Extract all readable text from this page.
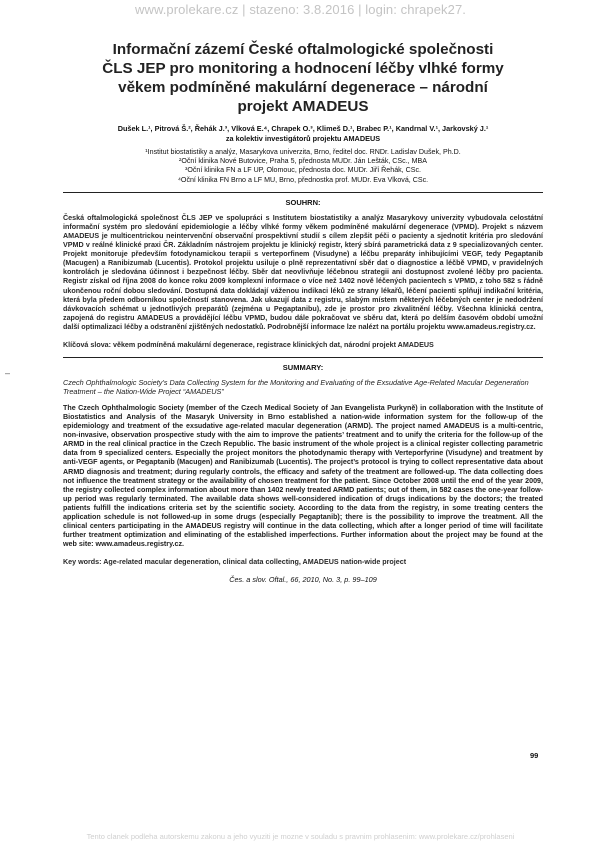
www.prolekare.cz | stazeno: 3.8.2016 | login: chrapek27.
Informační zázemí České oftalmologické společnosti
ČLS JEP pro monitoring a hodnocení léčby vlhké formy
věkem podmíněné makulární degenerace – národní
projekt AMADEUS
Dušek L.¹, Pitrová Š.², Řehák J.³, Vlková E.⁴, Chrapek O.³, Klimeš D.¹, Brabec P.¹, Kandrnal V.¹, Jarkovský J.¹
za kolektiv investigátorů projektu AMADEUS
¹Institut biostatistiky a analýz, Masarykova univerzita, Brno, ředitel doc. RNDr. Ladislav Dušek, Ph.D.
²Oční klinika Nové Butovice, Praha 5, přednosta MUDr. Ján Lešták, CSc., MBA
³Oční klinika FN a LF UP, Olomouc, přednosta doc. MUDr. Jiří Řehák, CSc.
⁴Oční klinika FN Brno a LF MU, Brno, přednostka prof. MUDr. Eva Vlková, CSc.
SOUHRN:
Česká oftalmologická společnost ČLS JEP ve spolupráci s Institutem biostatistiky a analýz Masarykovy univerzity vybudovala celostátní informační systém pro sledování epidemiologie a léčby vlhké formy věkem podmíněné makulární degenerace (VPMD). Projekt s názvem AMADEUS je multicentrickou neintervenční observační prospektivní studií s cílem zlepšit péči o pacienty a sjednotit kritéria pro sledování VPMD v reálné klinické praxi ČR. Základním nástrojem projektu je klinický registr, který sbírá parametrická data z 9 specializovaných center. Projekt monitoruje především fotodynamickou terapii s verteporfinem (Visudyne) a léčbu preparáty inhibujícími VEGF, tedy Pegaptanib (Macugen) a Ranibizumab (Lucentis). Protokol projektu usiluje o plně reprezentativní sběr dat o diagnostice a léčbě VPMD, v pravidelných kontrolách je sledována účinnost i bezpečnost léčby. Sběr dat neovlivňuje léčebnou strategii ani dostupnost zvolené léčby pro pacienta. Registr získal od října 2008 do konce roku 2009 komplexní informace o více než 1402 nově léčených pacientech s VPMD, z toho 582 s řádně ukončenou roční dobou sledování. Dostupná data dokládají váženou indikaci léků ze strany lékařů, léčení pacienti splňují indikační kritéria, která byla předem odborníkou společností stanovena. Jak ukazují data z registru, slabým místem některých léčebných center je nedodržení dávkovacích schémat u jednotlivých preparátů (zejména u Pegaptanibu), zde je prostor pro zkvalitnění léčby. Všechna klinická centra, zapojená do registru AMADEUS a provádějící léčbu VPMD, budou dále pokračovat ve sběru dat, která po delším časovém období umožní další optimalizaci léčby a odstranění zjištěných nedostatků. Podrobnější informace lze nalézt na portálu projektu www.amadeus.registry.cz.
Klíčová slova: věkem podmíněná makulární degenerace, registrace klinických dat, národní projekt AMADEUS
SUMMARY:
Czech Ophthalmologic Society’s Data Collecting System for the Monitoring and Evaluating of the Exsudative Age-Related Macular Degeneration Treatment – the Nation-Wide Project “AMADEUS”
The Czech Ophthalmologic Society (member of the Czech Medical Society of Jan Evangelista Purkyně) in collaboration with the Institute of Biostatistics and Analysis of the Masaryk University in Brno established a nation-wide information system for the follow-up of the epidemiology and treatment of the exsudative age-related macular degeneration (ARMD). The project named AMADEUS is a multi-centric, non-invasive, observation prospective study with the aim to improve the patients’ treatment and to unify the criteria for the follow-up of the ARMD in the real clinical practice in the Czech Republic. The basic instrument of the whole project is a clinical register collecting parametric data from 9 specialized centers. Especially the project monitors the photodynamic therapy with Verteporfyrine (Visudyne) and treatment by anti-VEGF agents, or Pegaptanib (Macugen) and Ranibizumab (Lucentis). The project’s protocol is trying to collect representative data about ARMD diagnosis and treatment; during regularly controls, the efficacy and safety of the treatment are followed-up. The data collecting does not influence the treatment strategy or the availability of chosen treatment for the patient. Since October 2008 until the end of the year 2009, the registry collected complex information about more than 1402 newly treated ARMD patients; out of them, in 582 cases the one-year follow-up period was regularly terminated. The available data shows well-considered indication of drugs indications by the doctors; the treated patients fulfill the indications criteria set by the scientific society. According to the data from the registry, in some treating centers the application schedule is not followed-up in some drugs (especially Pegaptanib); there is the possibility to improve the treatment. All the clinical centers participating in the AMADEUS registry will continue in the data collecting, which after a longer period of time will facilitate further treatment optimization and eliminating of the established imperfections. Further information about the project may be found at the web site: www.amadeus.registry.cz.
Key words: Age-related macular degeneration, clinical data collecting, AMADEUS nation-wide project
Čes. a slov. Oftal., 66, 2010, No. 3, p. 99–109
99
–
Tento clanek podleha autorskemu zakonu a jeho vyuziti je mozne v souladu s pravnim prohlasenim: www.prolekare.cz/prohlaseni
